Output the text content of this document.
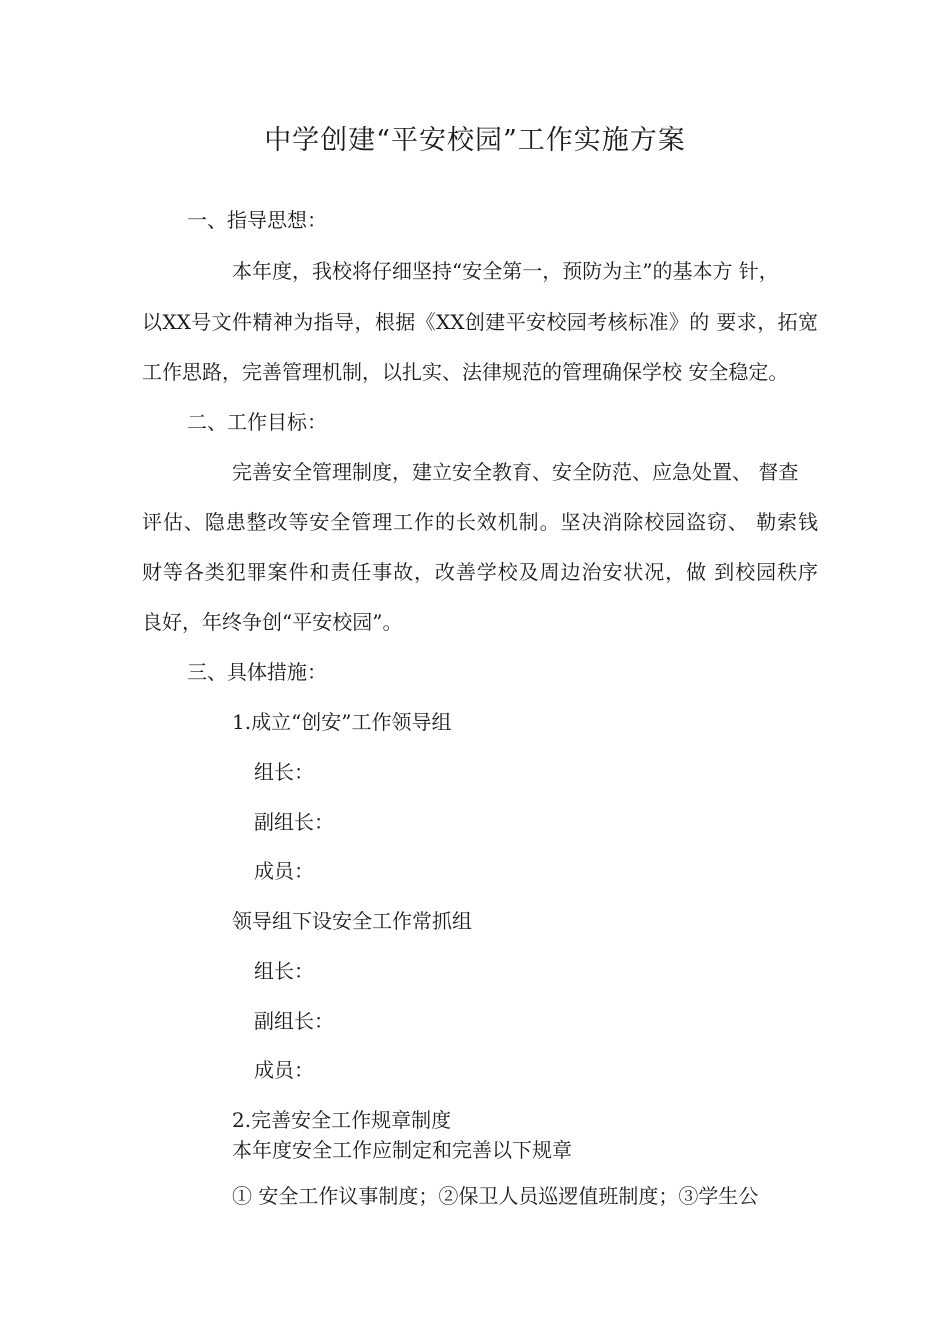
中学创建“平安校园”工作实施方案
一、指导思想：
本年度，我校将仔细坚持“安全第一，预防为主”的基本方 针，
以XX号文件精神为指导，根据《XX创建平安校园考核标准》的 要求，拓宽
工作思路，完善管理机制，以扎实、法律规范的管理确保学校 安全稳定。
二、工作目标：
完善安全管理制度，建立安全教育、安全防范、应急处置、 督查
评估、隐患整改等安全管理工作的长效机制。坚决消除校园盗窃、 勒索钱
财等各类犯罪案件和责任事故，改善学校及周边治安状况，做 到校园秩序
良好，年终争创“平安校园”。
三、具体措施：
1.成立“创安”工作领导组
组长：
副组长：
成员：
领导组下设安全工作常抓组
组长：
副组长：
成员：
2.完善安全工作规章制度
本年度安全工作应制定和完善以下规章
① 安全工作议事制度；②保卫人员巡逻值班制度；③学生公
